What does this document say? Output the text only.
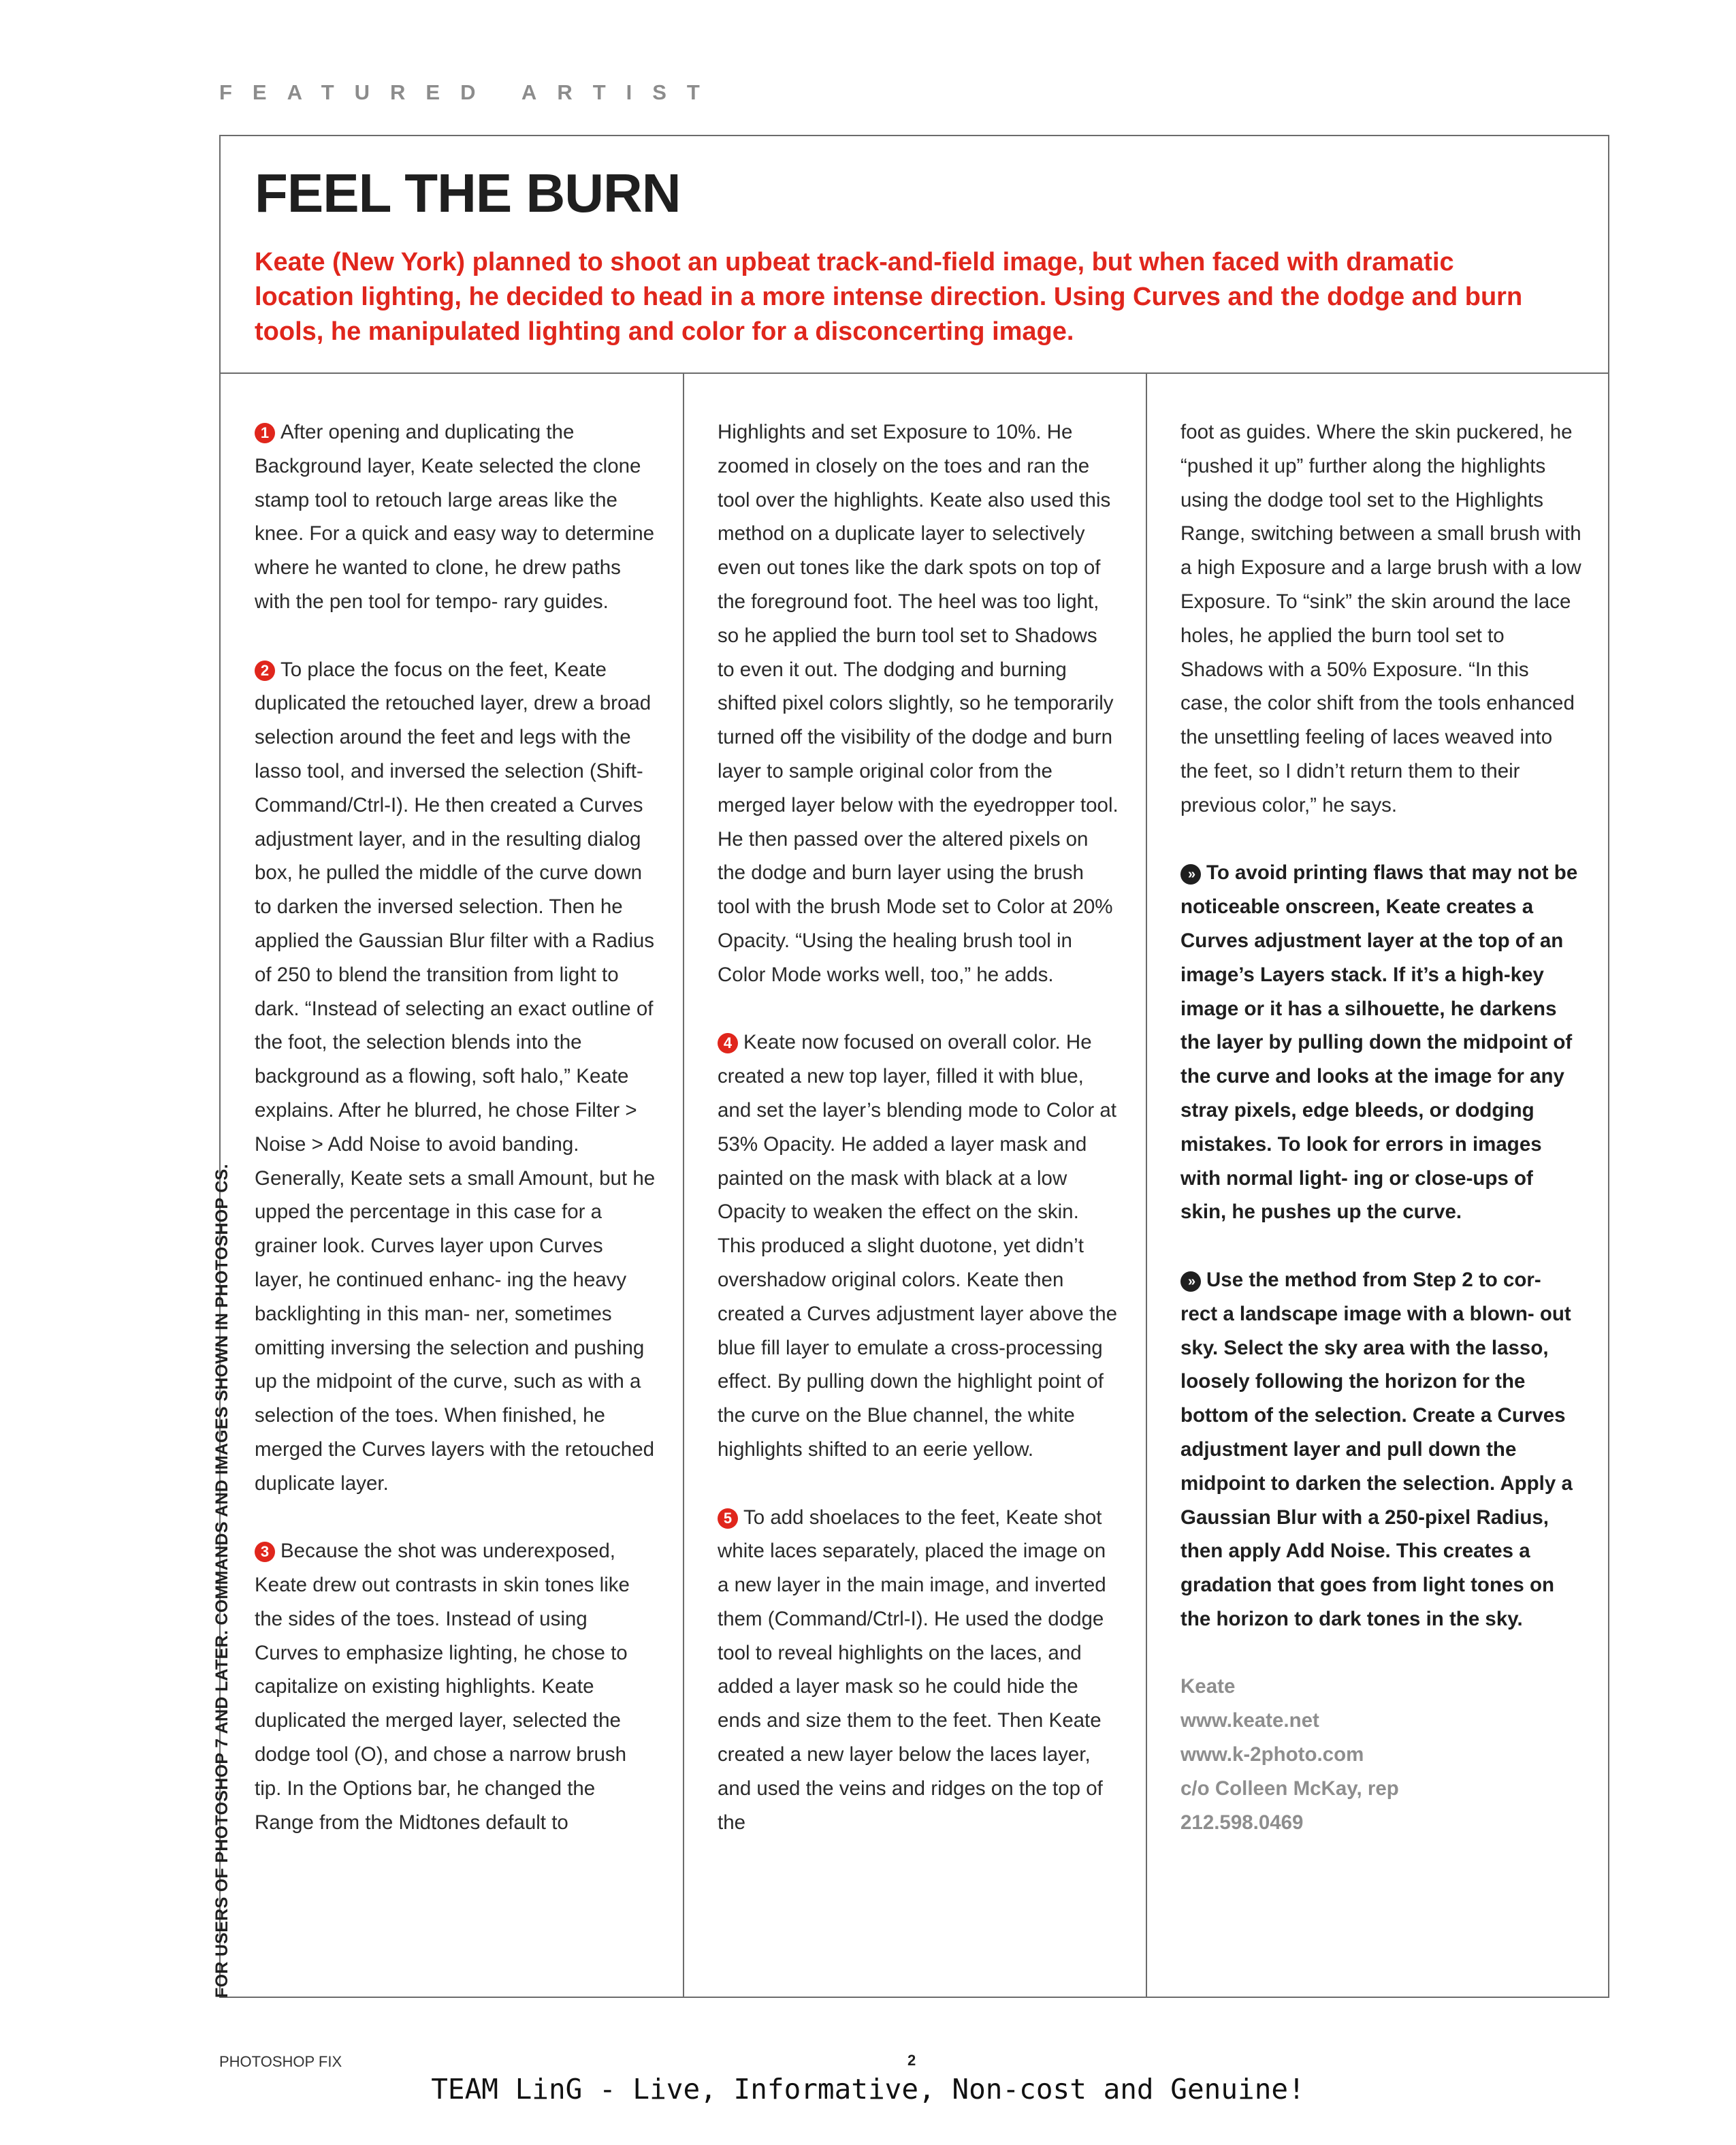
FEATURED ARTIST
FEEL THE BURN

Keate (New York) planned to shoot an upbeat track-and-field image, but when faced with dramatic location lighting, he decided to head in a more intense direction. Using Curves and the dodge and burn tools, he manipulated lighting and color for a disconcerting image.

1 After opening and duplicating the Background layer, Keate selected the clone stamp tool to retouch large areas like the knee. For a quick and easy way to determine where he wanted to clone, he drew paths with the pen tool for tempo- rary guides.

2 To place the focus on the feet, Keate duplicated the retouched layer, drew a broad selection around the feet and legs with the lasso tool, and inversed the selection (Shift-Command/Ctrl-I). He then created a Curves adjustment layer, and in the resulting dialog box, he pulled the middle of the curve down to darken the inversed selection. Then he applied the Gaussian Blur filter with a Radius of 250 to blend the transition from light to dark. “Instead of selecting an exact outline of the foot, the selection blends into the background as a flowing, soft halo,” Keate explains. After he blurred, he chose Filter > Noise > Add Noise to avoid banding. Generally, Keate sets a small Amount, but he upped the percentage in this case for a grainer look. Curves layer upon Curves layer, he continued enhanc- ing the heavy backlighting in this man- ner, sometimes omitting inversing the selection and pushing up the midpoint of the curve, such as with a selection of the toes. When finished, he merged the Curves layers with the retouched duplicate layer.

3 Because the shot was underexposed, Keate drew out contrasts in skin tones like the sides of the toes. Instead of using Curves to emphasize lighting, he chose to capitalize on existing highlights. Keate duplicated the merged layer, selected the dodge tool (O), and chose a narrow brush tip. In the Options bar, he changed the Range from the Midtones default to

Highlights and set Exposure to 10%. He zoomed in closely on the toes and ran the tool over the highlights. Keate also used this method on a duplicate layer to selectively even out tones like the dark spots on top of the foreground foot. The heel was too light, so he applied the burn tool set to Shadows to even it out. The dodging and burning shifted pixel colors slightly, so he temporarily turned off the visibility of the dodge and burn layer to sample original color from the merged layer below with the eyedropper tool. He then passed over the altered pixels on the dodge and burn layer using the brush tool with the brush Mode set to Color at 20% Opacity. “Using the healing brush tool in Color Mode works well, too,” he adds.

4 Keate now focused on overall color. He created a new top layer, filled it with blue, and set the layer’s blending mode to Color at 53% Opacity. He added a layer mask and painted on the mask with black at a low Opacity to weaken the effect on the skin. This produced a slight duotone, yet didn’t overshadow original colors. Keate then created a Curves adjustment layer above the blue fill layer to emulate a cross-processing effect. By pulling down the highlight point of the curve on the Blue channel, the white highlights shifted to an eerie yellow.

5 To add shoelaces to the feet, Keate shot white laces separately, placed the image on a new layer in the main image, and inverted them (Command/Ctrl-I). He used the dodge tool to reveal highlights on the laces, and added a layer mask so he could hide the ends and size them to the feet. Then Keate created a new layer below the laces layer, and used the veins and ridges on the top of the

foot as guides. Where the skin puckered, he “pushed it up” further along the highlights using the dodge tool set to the Highlights Range, switching between a small brush with a high Exposure and a large brush with a low Exposure. To “sink” the skin around the lace holes, he applied the burn tool set to Shadows with a 50% Exposure. “In this case, the color shift from the tools enhanced the unsettling feeling of laces weaved into the feet, so I didn’t return them to their previous color,” he says.

» To avoid printing flaws that may not be noticeable onscreen, Keate creates a Curves adjustment layer at the top of an image’s Layers stack. If it’s a high-key image or it has a silhouette, he darkens the layer by pulling down the midpoint of the curve and looks at the image for any stray pixels, edge bleeds, or dodging mistakes. To look for errors in images with normal light- ing or close-ups of skin, he pushes up the curve.

» Use the method from Step 2 to cor- rect a landscape image with a blown- out sky. Select the sky area with the lasso, loosely following the horizon for the bottom of the selection. Create a Curves adjustment layer and pull down the midpoint to darken the selection. Apply a Gaussian Blur with a 250-pixel Radius, then apply Add Noise. This creates a gradation that goes from light tones on the horizon to dark tones in the sky.

Keate
www.keate.net
www.k-2photo.com
c/o Colleen McKay, rep
212.598.0469
FOR USERS OF PHOTOSHOP 7 AND LATER. COMMANDS AND IMAGES SHOWN IN PHOTOSHOP CS.
PHOTOSHOP FIX	2
TEAM LinG - Live, Informative, Non-cost and Genuine!
